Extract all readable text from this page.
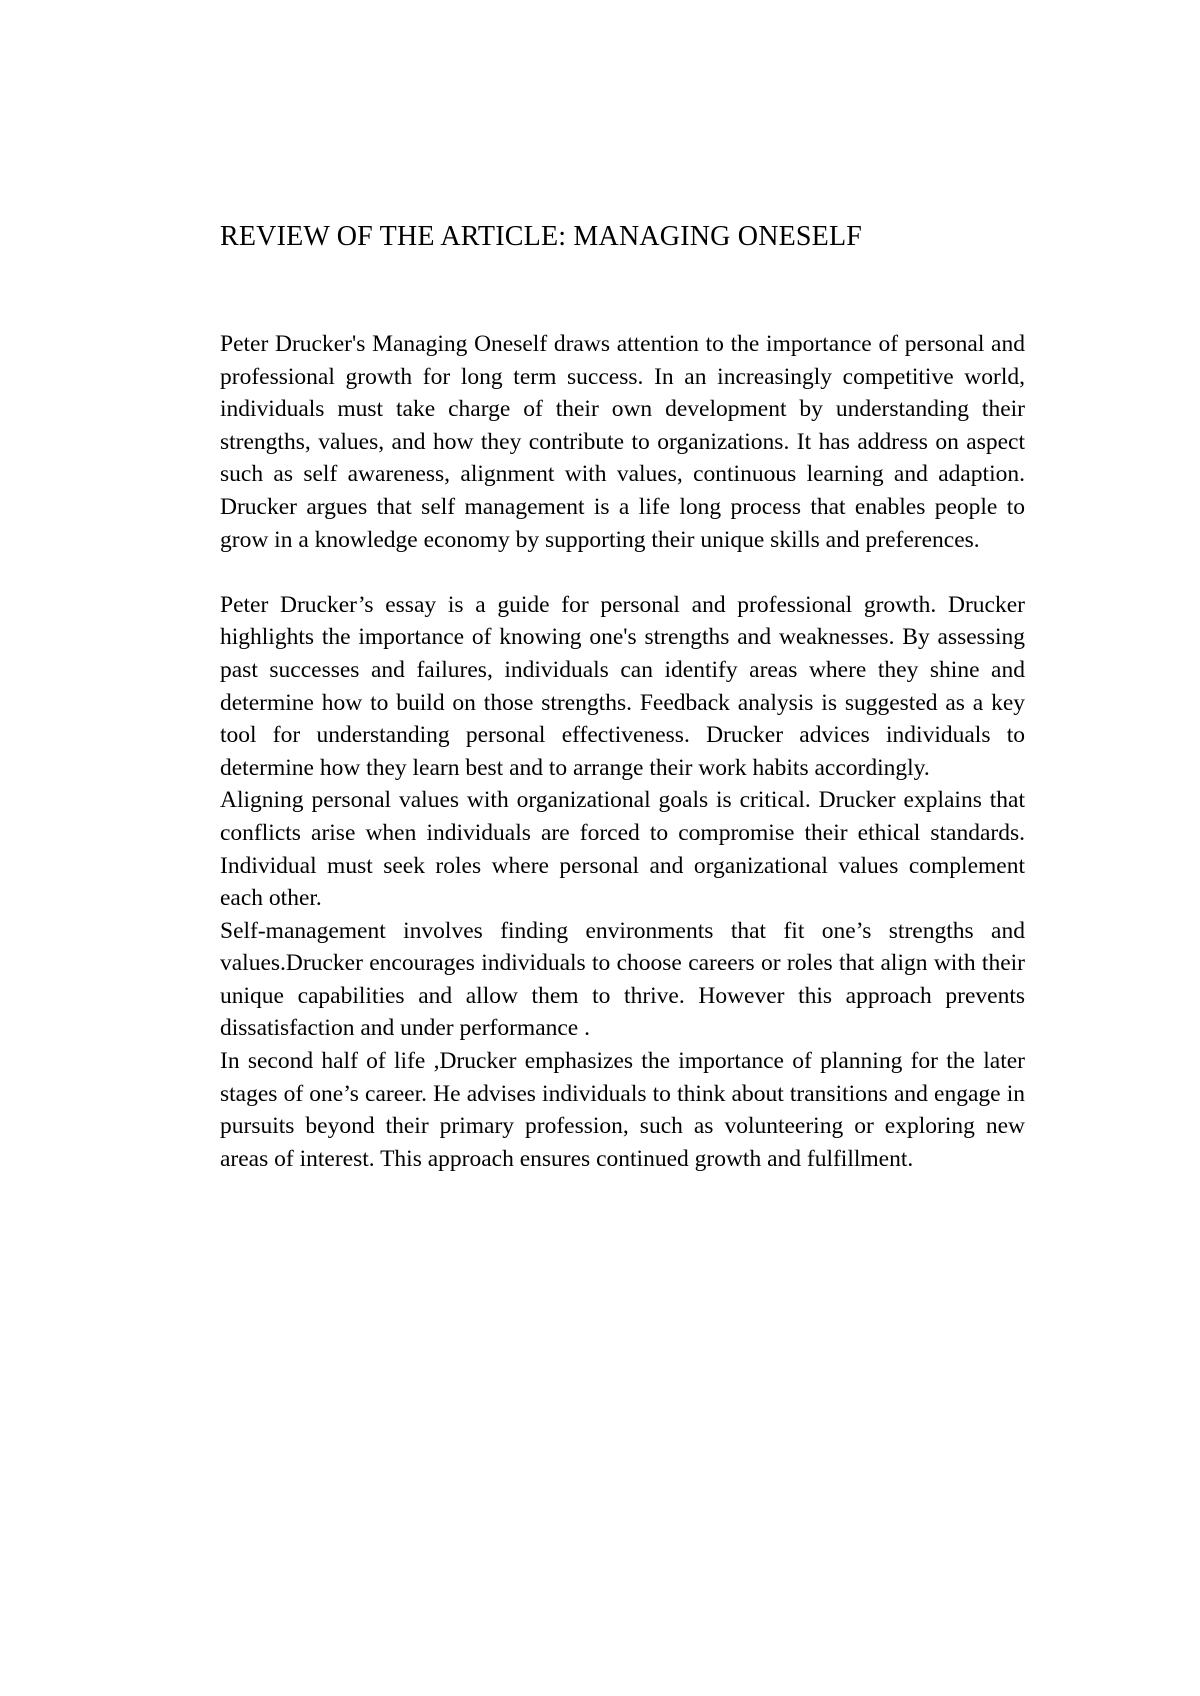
REVIEW OF THE ARTICLE: MANAGING ONESELF

Peter Drucker's Managing Oneself draws attention to the importance of personal and professional growth for long term success. In an increasingly competitive world, individuals must take charge of their own development by understanding their strengths, values, and how they contribute to organizations. It has address on aspect such as self awareness, alignment with values, continuous learning and adaption. Drucker argues that self management is a life long process that enables people to grow in a knowledge economy by supporting their unique skills and preferences.

Peter Drucker’s essay is a guide for personal and professional growth. Drucker highlights the importance of knowing one's strengths and weaknesses. By assessing past successes and failures, individuals can identify areas where they shine and determine how to build on those strengths. Feedback analysis is suggested as a key tool for understanding personal effectiveness. Drucker advices individuals to determine how they learn best and to arrange their work habits accordingly.

Aligning personal values with organizational goals is critical. Drucker explains that conflicts arise when individuals are forced to compromise their ethical standards. Individual must seek roles where personal and organizational values complement each other.

Self-management involves finding environments that fit one’s strengths and values.Drucker encourages individuals to choose careers or roles that align with their unique capabilities and allow them to thrive. However this approach prevents dissatisfaction and under performance .

In second half of life ,Drucker emphasizes the importance of planning for the later stages of one’s career. He advises individuals to think about transitions and engage in pursuits beyond their primary profession, such as volunteering or exploring new areas of interest. This approach ensures continued growth and fulfillment.
